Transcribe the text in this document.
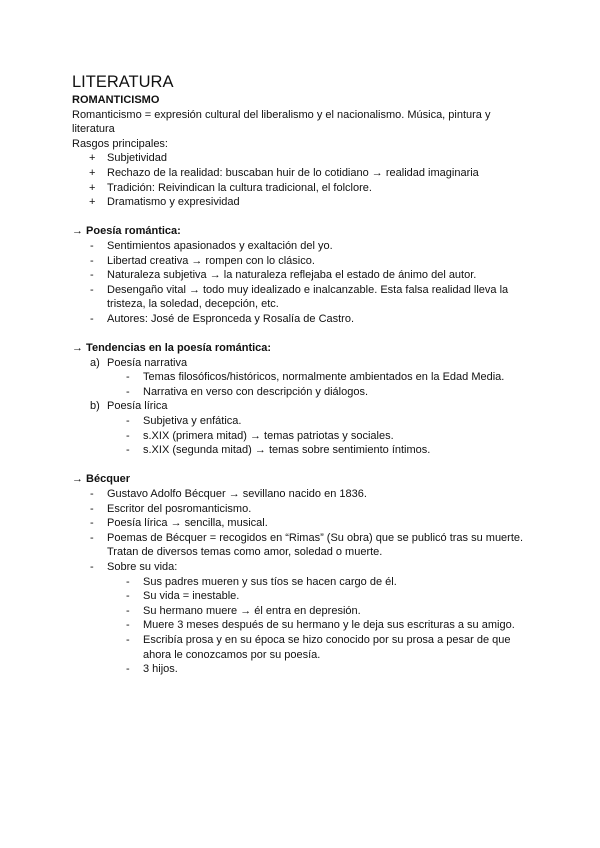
LITERATURA
ROMANTICISMO

Romanticismo = expresión cultural del liberalismo y el nacionalismo. Música, pintura y literatura

Rasgos principales:

+ Subjetividad
+ Rechazo de la realidad: buscaban huir de lo cotidiano → realidad imaginaria
+ Tradición: Reivindican la cultura tradicional, el folclore.
+ Dramatismo y expresividad

→ Poesía romántica:

- Sentimientos apasionados y exaltación del yo.
- Libertad creativa → rompen con lo clásico.
- Naturaleza subjetiva → la naturaleza reflejaba el estado de ánimo del autor.
- Desengaño vital → todo muy idealizado e inalcanzable. Esta falsa realidad lleva la tristeza, la soledad, decepción, etc.
- Autores: José de Espronceda y Rosalía de Castro.

→ Tendencias en la poesía romántica:

a) Poesía narrativa
- Temas filosóficos/históricos, normalmente ambientados en la Edad Media.
- Narrativa en verso con descripción y diálogos.
b) Poesía lírica
- Subjetiva y enfática.
- s.XIX (primera mitad) → temas patriotas y sociales.
- s.XIX (segunda mitad) → temas sobre sentimiento íntimos.

→ Bécquer

- Gustavo Adolfo Bécquer → sevillano nacido en 1836.
- Escritor del posromanticismo.
- Poesía lírica → sencilla, musical.
- Poemas de Bécquer = recogidos en “Rimas” (Su obra) que se publicó tras su muerte. Tratan de diversos temas como amor, soledad o muerte.
- Sobre su vida:
- Sus padres mueren y sus tíos se hacen cargo de él.
- Su vida = inestable.
- Su hermano muere → él entra en depresión.
- Muere 3 meses después de su hermano y le deja sus escrituras a su amigo.
- Escribía prosa y en su época se hizo conocido por su prosa a pesar de que ahora le conozcamos por su poesía.
- 3 hijos.
